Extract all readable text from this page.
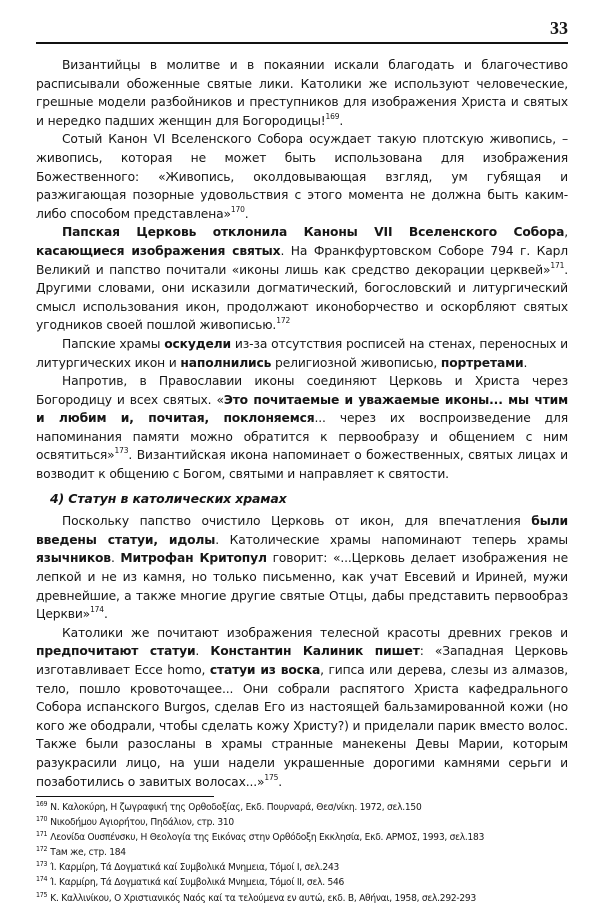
33

Византийцы в молитве и в покаянии искали благодать и благочестиво расписывали обоженные святые лики. Католики же используют человеческие, грешные модели разбойников и преступников для изображения Христа и святых и нередко падших женщин для Богородицы!$^{169}$.

Сотый Канон VI Вселенского Собора осуждает такую плотскую живопись, – живопись, которая не может быть использована для изображения Божественного: «Живопись, околдовывающая взгляд, ум губящая и разжигающая позорные удовольствия с этого момента не должна быть каким-либо способом представлена»$^{170}$.

Папская Церковь отклонила Каноны VII Вселенского Собора, касающиеся изображения святых. На Франкфуртовском Соборе 794 г. Карл Великий и папство почитали «иконы лишь как средство декорации церквей»$^{171}$. Другими словами, они исказили догматический, богословский и литургический смысл использования икон, продолжают иконоборчество и оскорбляют святых угодников своей пошлой живописью.$^{172}$

Папские храмы оскудели из-за отсутствия росписей на стенах, переносных и литургических икон и наполнились религиозной живописью, портретами.

Напротив, в Православии иконы соединяют Церковь и Христа через Богородицу и всех святых. «Это почитаемые и уважаемые иконы... мы чтим и любим и, почитая, поклоняемся... через их воспроизведение для напоминания памяти можно обратится к первообразу и общением с ним освятиться»$^{173}$. Византийская икона напоминает о божественных, святых лицах и возводит к общению с Богом, святыми и направляет к святости.

4) Статун в католических храмах

Поскольку папство очистило Церковь от икон, для впечатления были введены статуи, идолы. Католические храмы напоминают теперь храмы язычников. Митрофан Критопул говорит: «...Церковь делает изображения не лепкой и не из камня, но только письменно, как учат Евсевий и Ириней, мужи древнейшие, а также многие другие святые Отцы, дабы представить первообраз Церкви»$^{174}$.

Католики же почитают изображения телесной красоты древних греков и предпочитают статуи. Константин Калиник пишет: «Западная Церковь изготавливает Ecce homo, статуи из воска, гипса или дерева, слезы из алмазов, тело, пошло кровоточащее... Они собрали распятого Христа кафедрального Собора испанского Burgos, сделав Его из настоящей бальзамированной кожи (но кого же ободрали, чтобы сделать кожу Христу?) и приделали парик вместо волос. Также были разосланы в храмы странные манекены Девы Марии, которым разукрасили лицо, на уши надели украшенные дорогими камнями серьги и позаботились о завитых волосах...»$^{175}$.

$^{169}$ N. Καλοκύρη, Η ζωγραφική της Ορθοδοξίας, Εκδ. Πουρναρά, Θεσ/νίκη. 1972, σελ.150
$^{170}$ Νικοδήμου Αγιορήτου, Πηδάλιον, стр. 310
$^{171}$ Λεονίδα Ουσπένσκυ, Η Θεολογία της Εικόνας στην Ορθόδοξη Εκκλησία, Εκδ. ΑΡΜΟΣ, 1993, σελ.183
$^{172}$ Там же, стр. 184
$^{173}$ Ί. Καρμίρη, Τά Δογματικά καί Συμβολικά Μνημεια, Τόμοί Ι, σελ.243
$^{174}$ Ί. Καρμίρη, Τά Δογματικά καί Συμβολικά Μνημεια, Τόμοί ΙΙ, σελ. 546
$^{175}$ Κ. Καλλινίκου, Ο Χριστιανικός Ναός καί τα τελούμενα εν αυτώ, εκδ. Β, Αθήναι, 1958, σελ.292-293
